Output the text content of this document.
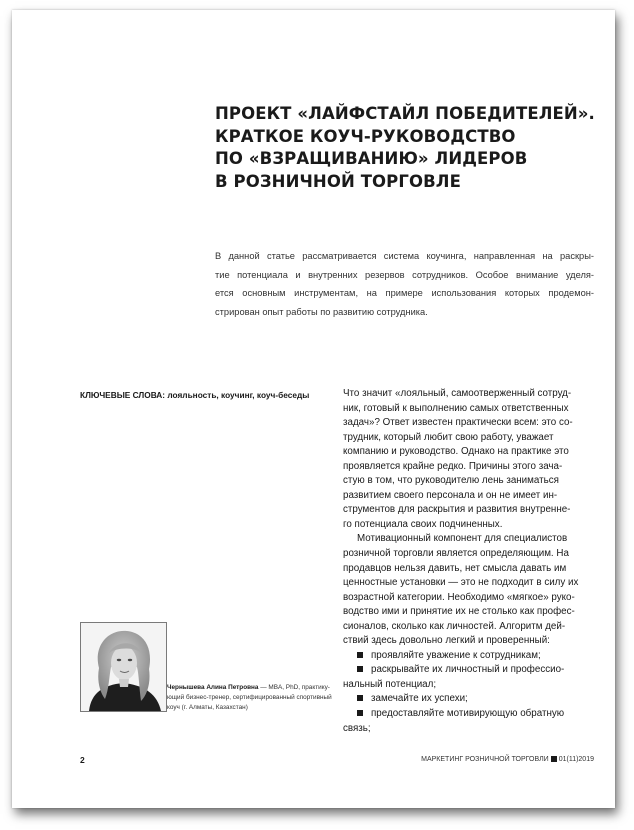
ПРОЕКТ «ЛАЙФСТАЙЛ ПОБЕДИТЕЛЕЙ».
КРАТКОЕ КОУЧ-РУКОВОДСТВО
ПО «ВЗРАЩИВАНИЮ» ЛИДЕРОВ
В РОЗНИЧНОЙ ТОРГОВЛЕ
В данной статье рассматривается система коучинга, направленная на раскры-
тие потенциала и внутренних резервов сотрудников. Особое внимание уделя-
ется основным инструментам, на примере использования которых продемон-
стрирован опыт работы по развитию сотрудника.
КЛЮЧЕВЫЕ СЛОВА: лояльность, коучинг, коуч-беседы	Что значит «лояльный, самоотверженный сотруд-
ник, готовый к выполнению самых ответственных
задач»? Ответ известен практически всем: это со-
трудник, который любит свою работу, уважает
компанию и руководство. Однако на практике это
проявляется крайне редко. Причины этого зача-
стую в том, что руководителю лень заниматься
развитием своего персонала и он не имеет ин-
струментов для раскрытия и развития внутренне-
го потенциала своих подчиненных.
Мотивационный компонент для специалистов
розничной торговли является определяющим. На
продавцов нельзя давить, нет смысла давать им
ценностные установки — это не подходит в силу их
возрастной категории. Необходимо «мягкое» руко-
водство ими и принятие их не столько как профес-
сионалов, сколько как личностей. Алгоритм дей-
ствий здесь довольно легкий и проверенный:
проявляйте уважение к сотрудникам;
раскрывайте их личностный и профессио-
нальный потенциал;
замечайте их успехи;
предоставляйте мотивирующую обратную
связь;
Чернышева Алина Петровна — MBA, PhD, практику-
ющий бизнес-тренер, сертифицированный спортивный
коуч (г. Алматы, Казахстан)
2	МАРКЕТИНГ РОЗНИЧНОЙ ТОРГОВЛИ 01(11)2019
